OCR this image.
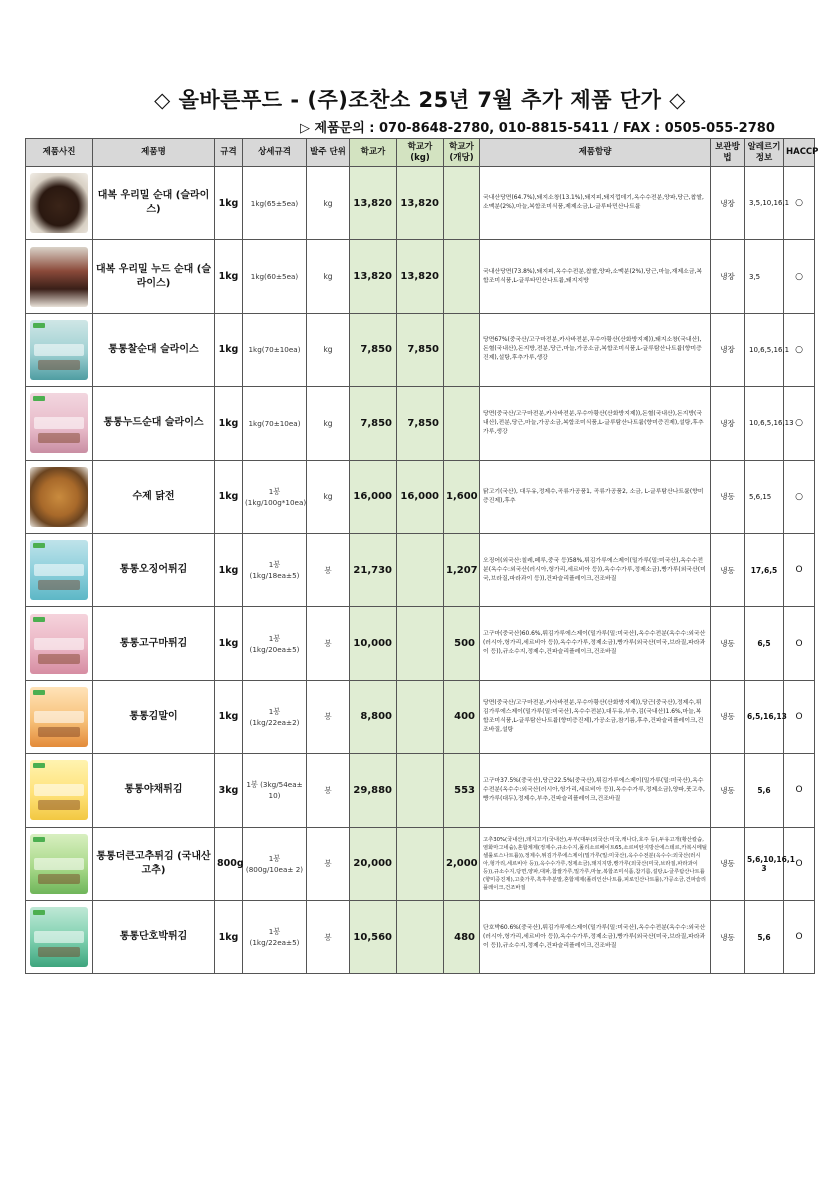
◇ 올바른푸드 - (주)조찬소 25년 7월 추가 제품 단가 ◇
▷ 제품문의 : 070-8648-2780, 010-8815-5411 / FAX : 0505-055-2780
제품사진	제품명	규격	상세규격	발주 단위	학교가	학교가(kg)	학교가 (개당)	제품함량	보관방법	알레르기 정보	HACCP

	대복 우리밀 순대 (슬라이스)	1kg	1kg(65±5ea)	kg	13,820	13,820		국내산당면(64.7%),돼지소창(13.1%),돼지피,돼지껍데기,옥수수전분,양파,당근,찹쌀,소맥분(2%),마늘,복합조미식품,제제소금,L-글루타민산나트륨	냉장	3,5,10,16,1	○

	대복 우리밀 누드 순대 (슬라이스)	1kg	1kg(60±5ea)	kg	13,820	13,820		국내산당면(73.8%),돼지피,옥수수전분,찹쌀,양파,소맥분(2%),당근,마늘,재제소금,복합조미식품,L-글루타민산나트륨,돼지지방	냉장	3,5	○

	통통찰순대 슬라이스	1kg	1kg(70±10ea)	kg	7,850	7,850		당면67%(중국산/고구마전분,카사바전분,무수아황산(산화방지제)),돼지소창(국내산),돈혈(국내산),돈지방,전분,당근,마늘,가공소금,복합조미식품,L-글루탐산나트륨(향미증진제),설탕,후추가루,생강	냉장	10,6,5,16,1	○

	통통누드순대 슬라이스	1kg	1kg(70±10ea)	kg	7,850	7,850		당면(중국산/고구마전분,카사바전분,무수아황산(산화방지제)),돈혈(국내산),돈지방(국내산),전분,당근,마늘,가공소금,복합조미식품,L-글루탐산나트륨(향미증진제),설탕,후추가루,생강	냉장	10,6,5,16,13	○

	수제 닭전	1kg	1봉 (1kg/100g*10ea)	kg	16,000	16,000	1,600	닭고기(국산), 대두유,정제수,곡류가공품1, 곡류가공품2, 소금, L-글루탐산나트륨(향미증진제),후추	냉동	5,6,15	○

	통통오징어튀김	1kg	1봉 (1kg/18ea±5)	봉	21,730		1,207	오징어(외국산:칠레,페루,중국 등)58%,튀김가루에스제이(밀가루(밀:미국산),옥수수전분(옥수수:외국산(러시아,헝가리,세르비아 등)),옥수수가루,정제소금),빵가루(외국산(미국,브라질,파라과이 등)),건파슬리플레이크,건조바질	냉동	17,6,5	O

	통통고구마튀김	1kg	1봉 (1kg/20ea±5)	봉	10,000		500	고구마(중국산)60.6%,튀김가루에스제이(밀가루(밀:미국산),옥수수전분(옥수수:외국산(러시아,헝가리,세르비아 등)),옥수수가루,정제소금),빵가루(외국산(미국,브라질,파라과이 등)),규소수지,정제수,건파슬리플레이크,건조바질	냉동	6,5	O

	통통김말이	1kg	1봉 (1kg/22ea±2)	봉	8,800		400	당면(중국산/고구마전분,카사바전분,무수아황산(산화방지제)),당근(중국산),정제수,튀김가루에스제이(밀가루(밀:미국산),옥수수전분),대두유,부추,김(국내산)1.6%,마늘,복합조미식품,L-글루탐산나트륨(향미증진제),가공소금,참기름,후추,건파슬리플레이크,건조바질,설탕	냉동	6,5,16,13	O

	통통야채튀김	3kg	1봉 (3kg/54ea± 10)	봉	29,880		553	고구마37.5%(중국산),당근22.5%(중국산),튀김가루에스제이(밀가루(밀:미국산),옥수수전분(옥수수:외국산(러시아,헝가리,세르비아 등)),옥수수가루,정제소금),양파,풋고추,빵가루(대두),정제수,부추,건파슬리플레이크,건조바질	냉동	5,6	O

	통통더큰고추튀김 (국내산고추)	800g	1봉 (800g/10ea± 2)	봉	20,000		2,000	고추30%(국내산),돼지고기(국내산),두부(대두(외국산:미국,캐나다,호주 등),두유고개(황산칼슘,염화마그네슘),혼합제제(정제수,규소수지,폴리소르베이트65,소르비탄지방산에스테르,카복시메틸셀룰로스나트륨)),정제수,튀김가루에스제이(밀가루(밀:미국산),옥수수전분(옥수수:외국산(러시아,헝가리,세르비아 등)),옥수수가루,정제소금),돼지지방,빵가루(외국산(미국,브라질,파라과이 등)),규소수지,당면,양파,대파,찹쌀가루,밀가루,마늘,복합조미식품,참기름,설탕,L-글루탐산나트륨(향미증진제),고춧가루,흑후추분말,혼합제제(폴리인산나트륨,피로인산나트륨),가공소금,건파슬리플레이크,건조바질	냉동	5,6,10,16,1 3	O

	통통단호박튀김	1kg	1봉 (1kg/22ea±5)	봉	10,560		480	단호박60.6%(중국산),튀김가루에스제이(밀가루(밀:미국산),옥수수전분(옥수수:외국산(러시아,헝가리,세르비아 등)),옥수수가루,정제소금),빵가루(외국산(미국,브라질,파라과이 등)),규소수지,정제수,건파슬리플레이크,건조바질	냉동	5,6	O
